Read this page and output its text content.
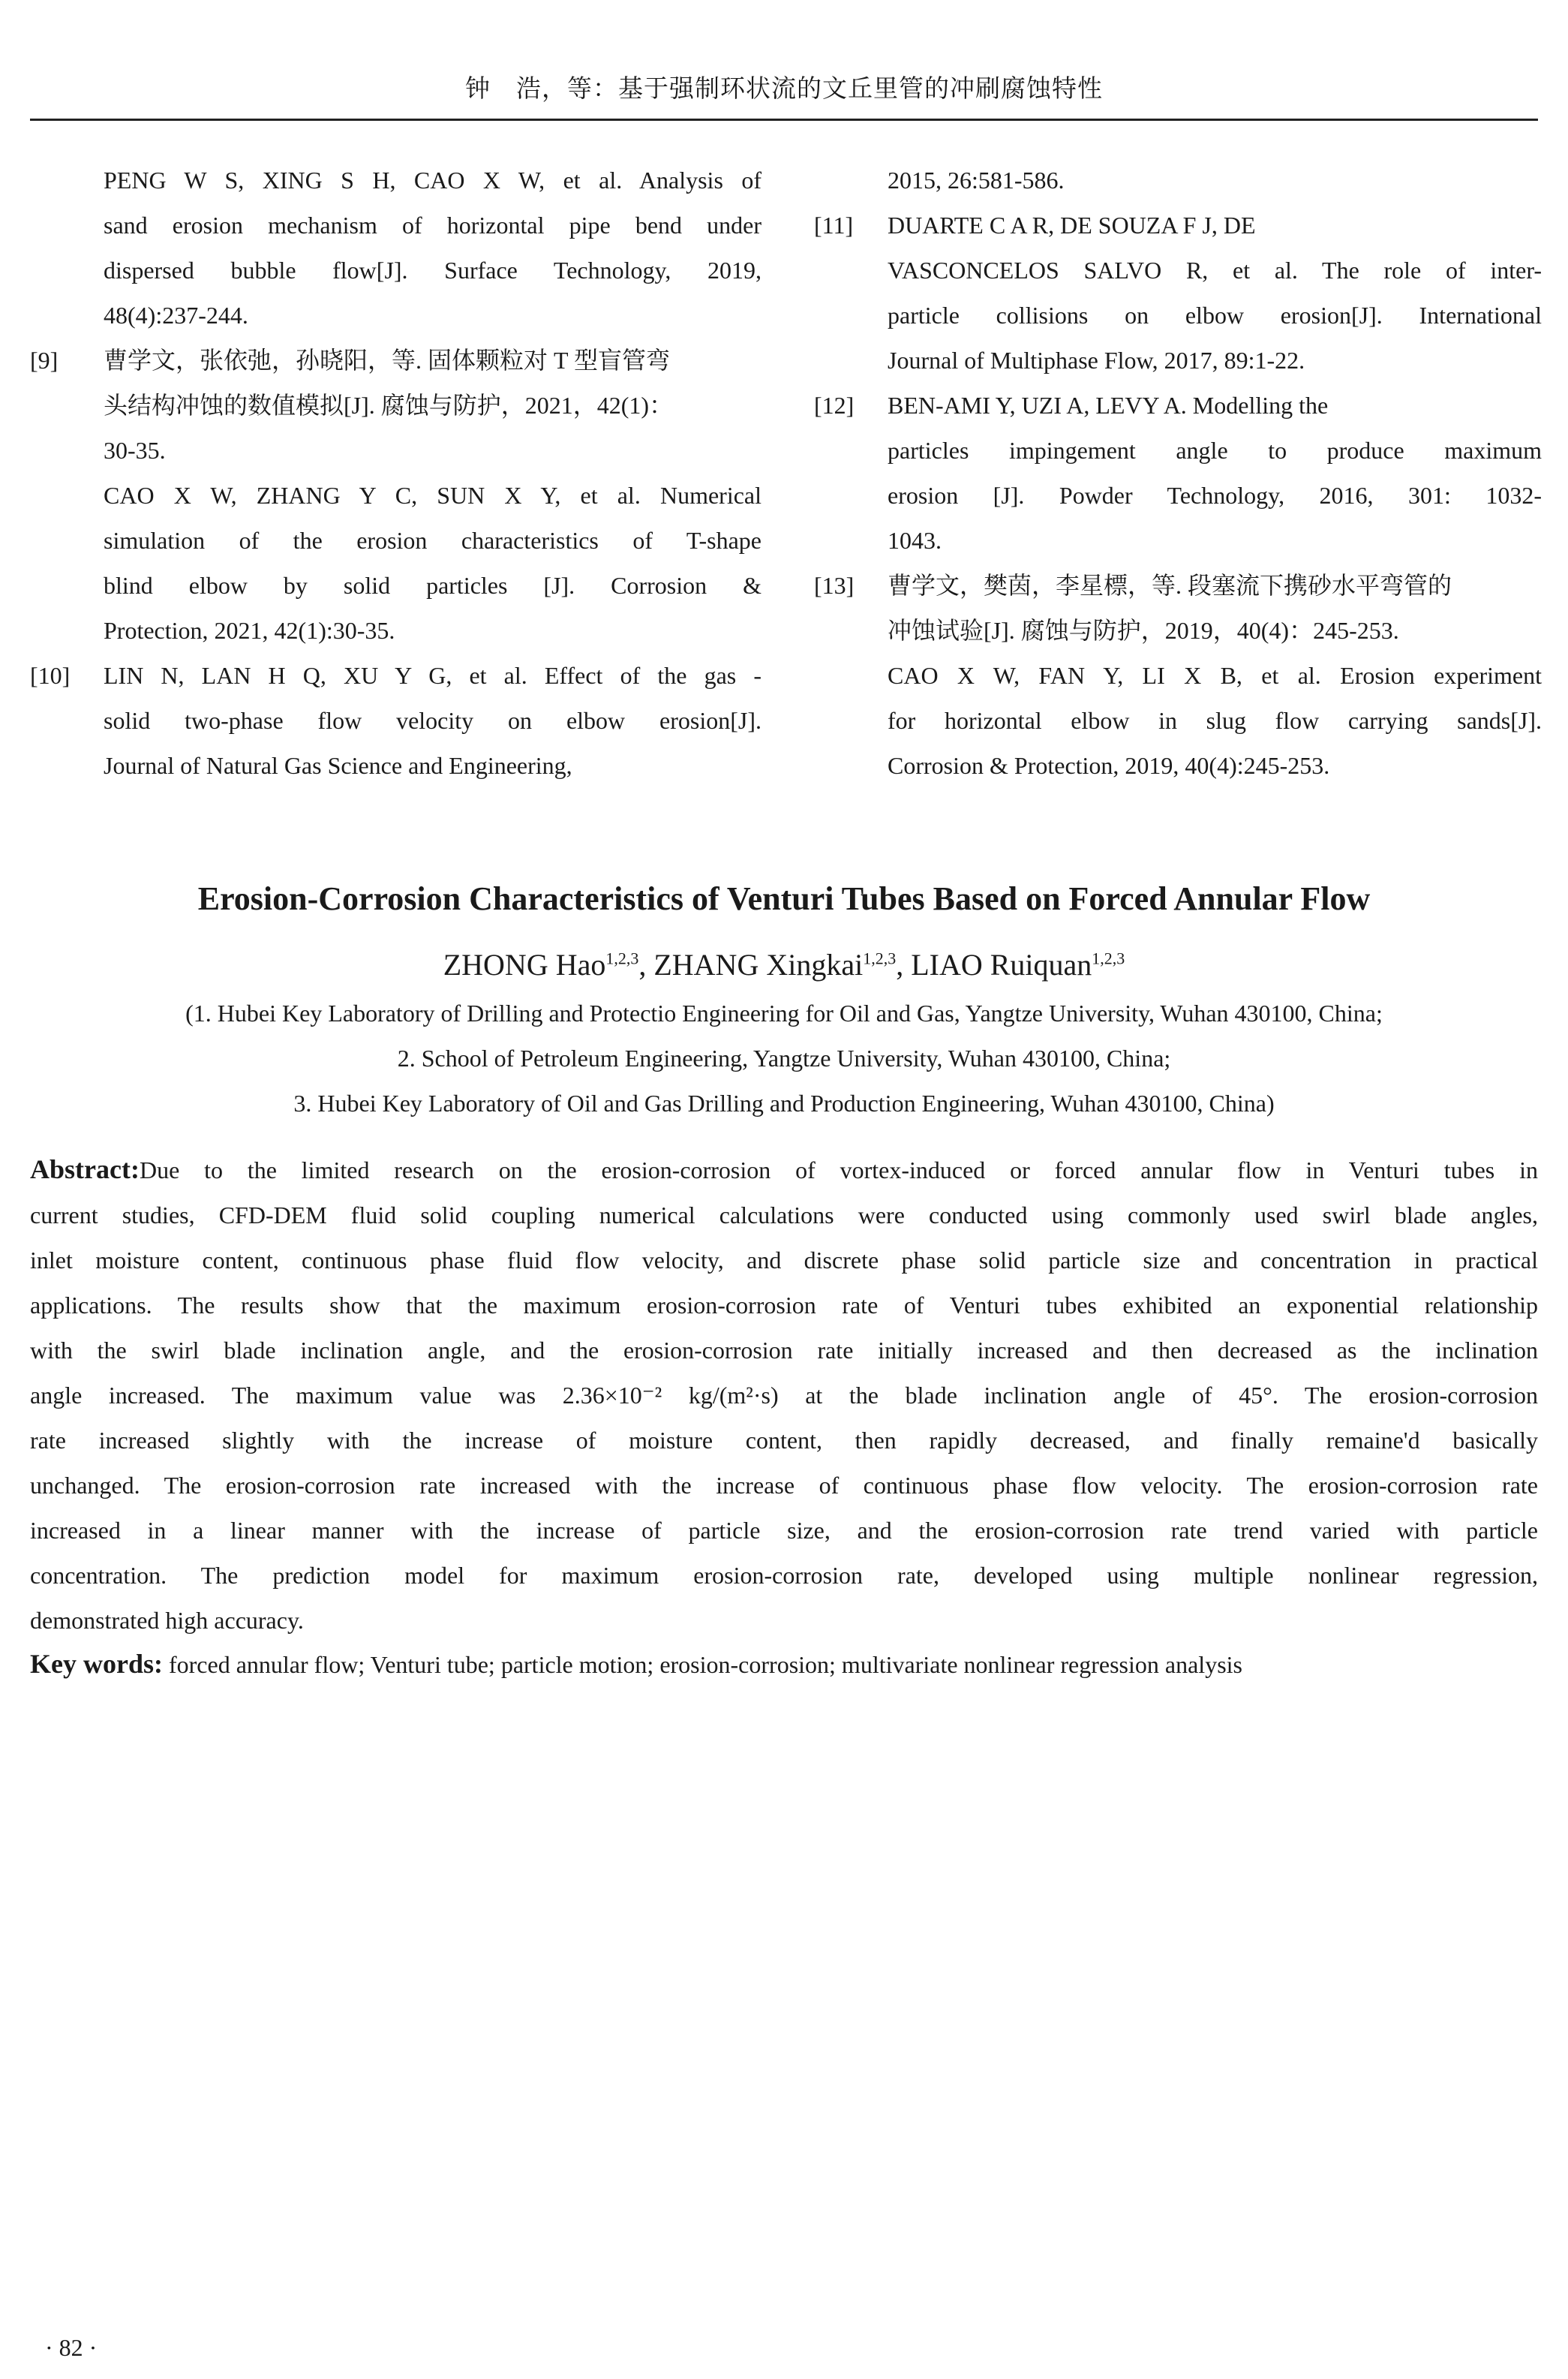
钟　浩，等：基于强制环状流的文丘里管的冲刷腐蚀特性
PENG W S, XING S H, CAO X W, et al. Analysis of
sand erosion mechanism of horizontal pipe bend under
dispersed bubble flow[J]. Surface Technology, 2019,
48(4):237-244.
[9] 曹学文，张依弛，孙晓阳，等. 固体颗粒对 T 型盲管弯
头结构冲蚀的数值模拟[J]. 腐蚀与防护，2021，42(1)：
30-35.
CAO X W, ZHANG Y C, SUN X Y, et al. Numerical
simulation of the erosion characteristics of T-shape
blind elbow by solid particles [J]. Corrosion &
Protection, 2021, 42(1):30-35.
[10] LIN N, LAN H Q, XU Y G, et al. Effect of the gas -
solid two-phase flow velocity on elbow erosion[J].
Journal of Natural Gas Science and Engineering,
2015, 26:581-586.
[11] DUARTE C A R, DE SOUZA F J, DE
VASCONCELOS SALVO R, et al. The role of inter-
particle collisions on elbow erosion[J]. International
Journal of Multiphase Flow, 2017, 89:1-22.
[12] BEN-AMI Y, UZI A, LEVY A. Modelling the
particles impingement angle to produce maximum
erosion [J]. Powder Technology, 2016, 301: 1032-
1043.
[13] 曹学文，樊茵，李星標，等. 段塞流下携砂水平弯管的
冲蚀试验[J]. 腐蚀与防护，2019，40(4)：245-253.
CAO X W, FAN Y, LI X B, et al. Erosion experiment
for horizontal elbow in slug flow carrying sands[J].
Corrosion & Protection, 2019, 40(4):245-253.
Erosion-Corrosion Characteristics of Venturi Tubes Based on Forced Annular Flow
ZHONG Hao$^{1,2,3}$, ZHANG Xingkai$^{1,2,3}$, LIAO Ruiquan$^{1,2,3}$
(1. Hubei Key Laboratory of Drilling and Protectio Engineering for Oil and Gas, Yangtze University, Wuhan 430100, China;
2. School of Petroleum Engineering, Yangtze University, Wuhan 430100, China;
3. Hubei Key Laboratory of Oil and Gas Drilling and Production Engineering, Wuhan 430100, China)
Abstract:Due to the limited research on the erosion-corrosion of vortex-induced or forced annular flow in Venturi tubes in
current studies, CFD-DEM fluid solid coupling numerical calculations were conducted using commonly used swirl blade angles,
inlet moisture content, continuous phase fluid flow velocity, and discrete phase solid particle size and concentration in practical
applications. The results show that the maximum erosion-corrosion rate of Venturi tubes exhibited an exponential relationship
with the swirl blade inclination angle, and the erosion-corrosion rate initially increased and then decreased as the inclination
angle increased. The maximum value was 2.36×10⁻² kg/(m²·s) at the blade inclination angle of 45°. The erosion-corrosion
rate increased slightly with the increase of moisture content, then rapidly decreased, and finally remaine'd basically
unchanged. The erosion-corrosion rate increased with the increase of continuous phase flow velocity. The erosion-corrosion rate
increased in a linear manner with the increase of particle size, and the erosion-corrosion rate trend varied with particle
concentration. The prediction model for maximum erosion-corrosion rate, developed using multiple nonlinear regression,
demonstrated high accuracy.
Key words: forced annular flow; Venturi tube; particle motion; erosion-corrosion; multivariate nonlinear regression analysis
· 82 ·
